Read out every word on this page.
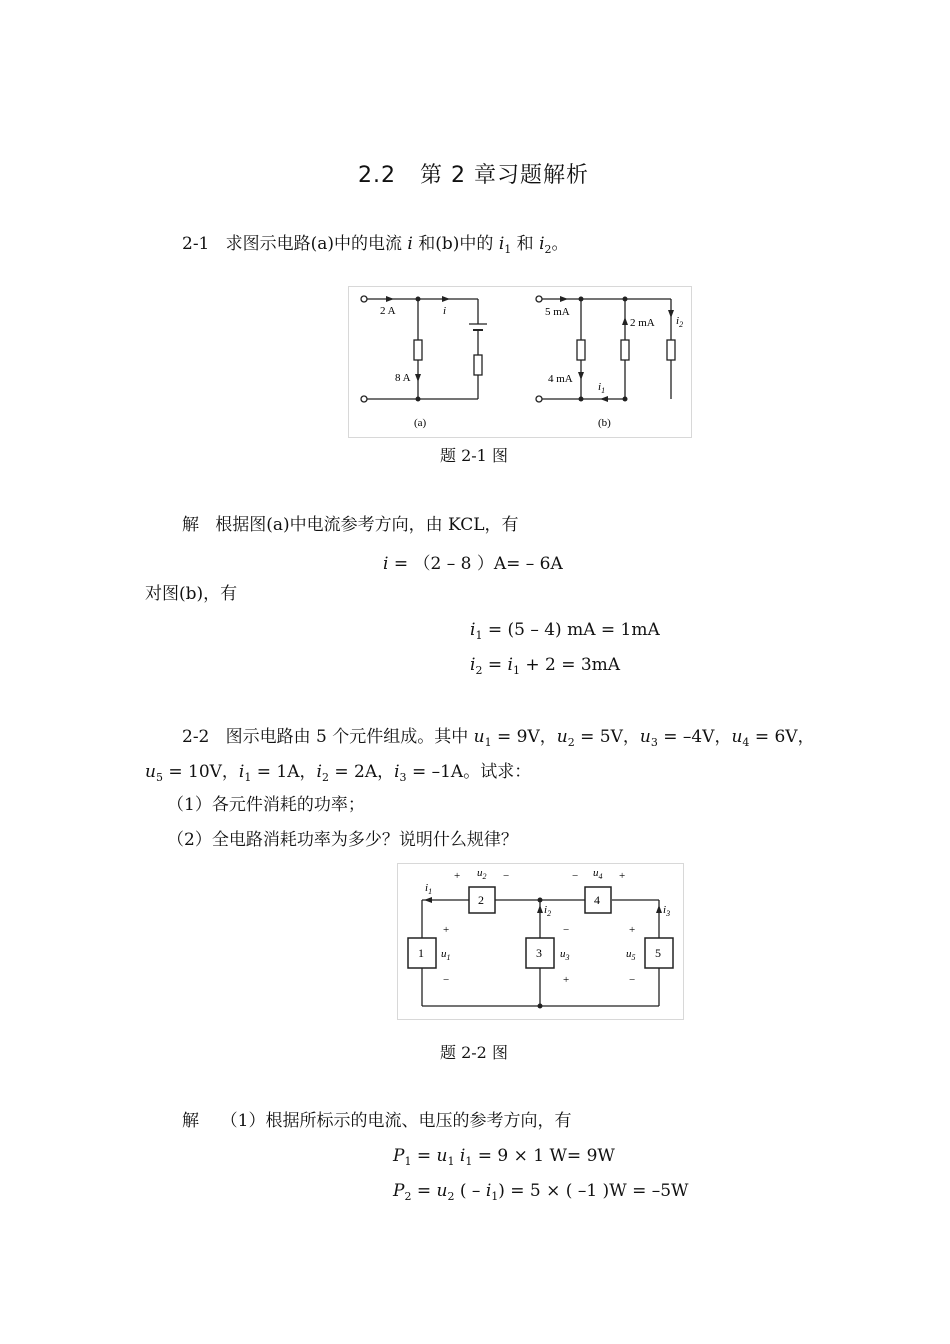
2.2 第 2 章习题解析
2-1 求图示电路(a)中的电流 i 和(b)中的 $i_1$ 和 $i_2$。
2 A	i
8 A
(a)
5 mA
2 mA $i_2$
4 mA
$i_1$
(b)
题 2-1 图
解 根据图(a)中电流参考方向，由 KCL，有
i = （2 – 8 ）A= – 6A
对图(b)，有
$i_1 = (5 - 4)$ mA = 1mA
$i_2 = i_1 + 2 = 3mA$
2-2   图示电路由 5 个元件组成。其中 $u_1 = 9V$，$u_2 = 5V$，$u_3 = -4V$，$u_4 = 6V$，
$u_5 = 10V$，$i_1 = 1A$，$i_2 = 2A$，$i_3 = -1A$。试求：
（1）各元件消耗的功率；
（2）全电路消耗功率为多少？说明什么规律？
2	4
1	3	5
+ $u_2$ −	− $u_4$ +
$i_1$
$i_2$	$i_3$
+
$u_1$
−
−
$u_3$
+
+
$u_5$
−
题 2-2 图
解 （1）根据所标示的电流、电压的参考方向，有
$P_1 = u_1$ $i_1 = 9 \times 1$ W= 9W
$P_2 = u_2$ ( – $i_1) = 5$ × ( –1 )W = –5W
